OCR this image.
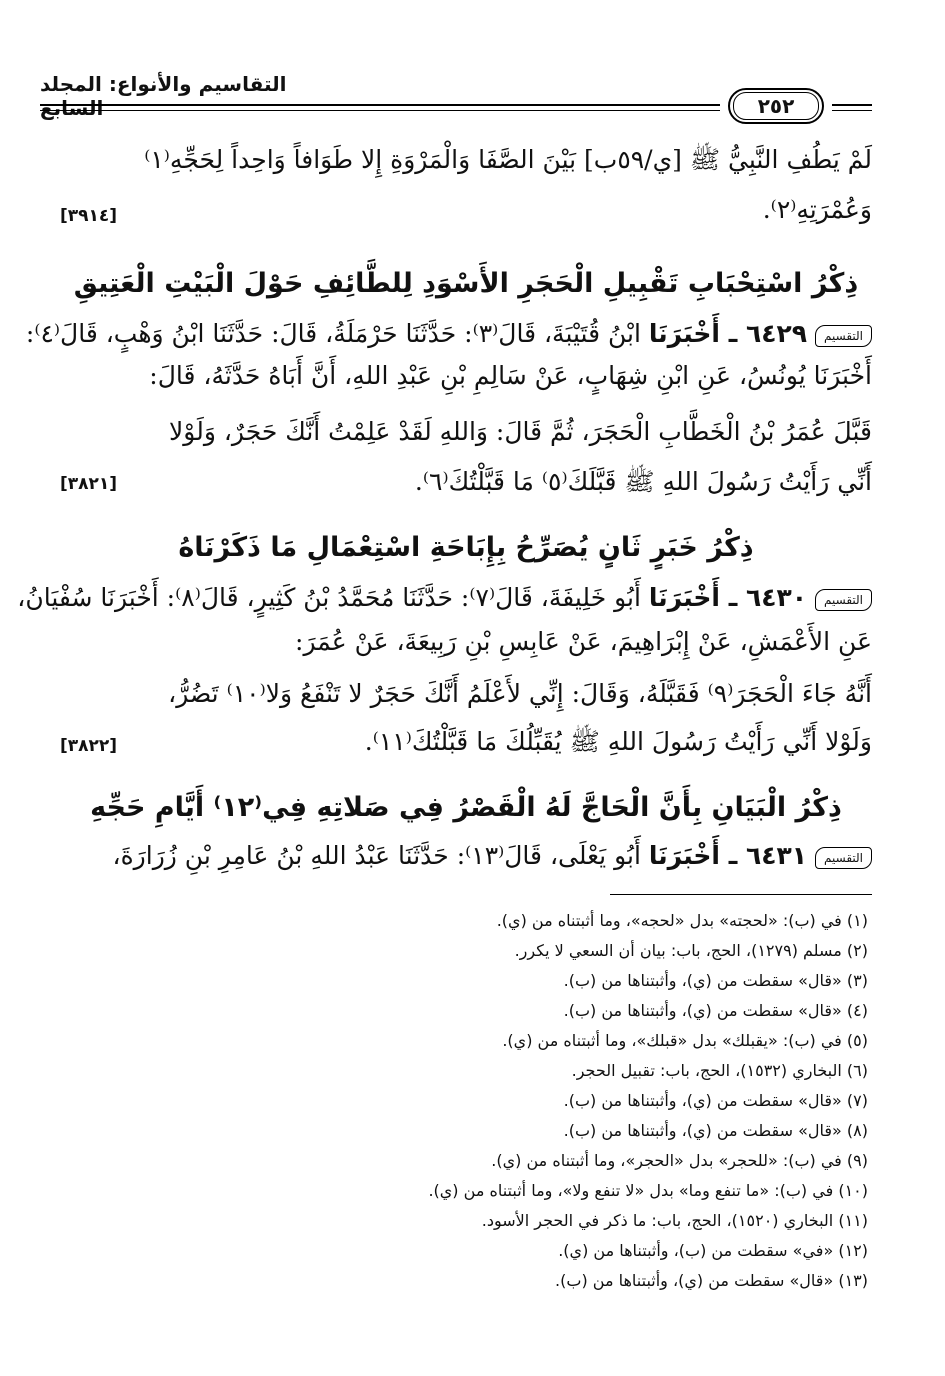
التقاسيم والأنواع: المجلد السابع	٢٥٢
لَمْ يَطُفِ النَّبِيُّ ﷺ [ي/٥٩ب] بَيْنَ الصَّفَا وَالْمَرْوَةِ إِلا طَوَافاً وَاحِداً لِحَجِّهِ⁽١⁾
وَعُمْرَتِهِ⁽٢⁾.
[٣٩١٤]
ذِكْرُ اسْتِحْبَابِ تَقْبِيلِ الْحَجَرِ الأَسْوَدِ لِلطَّائِفِ حَوْلَ الْبَيْتِ الْعَتِيقِ
التقسيم٦٤٢٩ ـ أَخْبَرَنَا ابْنُ قُتَيْبَةَ، قَالَ⁽٣⁾: حَدَّثَنَا حَرْمَلَةُ، قَالَ: حَدَّثَنَا ابْنُ وَهْبٍ، قَالَ⁽٤⁾:
أَخْبَرَنَا يُونُسُ، عَنِ ابْنِ شِهَابٍ، عَنْ سَالِمِ بْنِ عَبْدِ اللهِ، أَنَّ أَبَاهُ حَدَّثَهُ، قَالَ:
قَبَّلَ عُمَرُ بْنُ الْخَطَّابِ الْحَجَرَ، ثُمَّ قَالَ: وَاللهِ لَقَدْ عَلِمْتُ أَنَّكَ حَجَرٌ، وَلَوْلا
أَنِّي رَأَيْتُ رَسُولَ اللهِ ﷺ قَبَّلَكَ⁽٥⁾ مَا قَبَّلْتُكَ⁽٦⁾.
[٣٨٢١]
ذِكْرُ خَبَرٍ ثَانٍ يُصَرِّحُ بِإِبَاحَةِ اسْتِعْمَالِ مَا ذَكَرْنَاهُ
التقسيم٦٤٣٠ ـ أَخْبَرَنَا أَبُو خَلِيفَةَ، قَالَ⁽٧⁾: حَدَّثَنَا مُحَمَّدُ بْنُ كَثِيرٍ، قَالَ⁽٨⁾: أَخْبَرَنَا سُفْيَانُ،
عَنِ الأَعْمَشِ، عَنْ إِبْرَاهِيمَ، عَنْ عَابِسِ بْنِ رَبِيعَةَ، عَنْ عُمَرَ:
أَنَّهُ جَاءَ الْحَجَرَ⁽٩⁾ فَقَبَّلَهُ، وَقَالَ: إِنِّي لأَعْلَمُ أَنَّكَ حَجَرٌ لا تَنْفَعُ وَلا⁽١٠⁾ تَضُرُّ،
وَلَوْلا أَنِّي رَأَيْتُ رَسُولَ اللهِ ﷺ يُقَبِّلُكَ مَا قَبَّلْتُكَ⁽١١⁾.
[٣٨٢٢]
ذِكْرُ الْبَيَانِ بِأَنَّ الْحَاجَّ لَهُ الْقَصْرُ فِي صَلاتِهِ فِي⁽١٢⁾ أَيَّامِ حَجِّهِ
التقسيم٦٤٣١ ـ أَخْبَرَنَا أَبُو يَعْلَى، قَالَ⁽١٣⁾: حَدَّثَنَا عَبْدُ اللهِ بْنُ عَامِرِ بْنِ زُرَارَةَ،
(١) في (ب): «لحجته» بدل «لحجه»، وما أثبتناه من (ي).
(٢) مسلم (١٢٧٩)، الحج، باب: بيان أن السعي لا يكرر.
(٣) «قال» سقطت من (ي)، وأثبتناها من (ب).
(٤) «قال» سقطت من (ي)، وأثبتناها من (ب).
(٥) في (ب): «يقبلك» بدل «قبلك»، وما أثبتناه من (ي).
(٦) البخاري (١٥٣٢)، الحج، باب: تقبيل الحجر.
(٧) «قال» سقطت من (ي)، وأثبتناها من (ب).
(٨) «قال» سقطت من (ي)، وأثبتناها من (ب).
(٩) في (ب): «للحجر» بدل «الحجر»، وما أثبتناه من (ي).
(١٠) في (ب): «ما تنفع وما» بدل «لا تنفع ولا»، وما أثبتناه من (ي).
(١١) البخاري (١٥٢٠)، الحج، باب: ما ذكر في الحجر الأسود.
(١٢) «في» سقطت من (ب)، وأثبتناها من (ي).
(١٣) «قال» سقطت من (ي)، وأثبتناها من (ب).
